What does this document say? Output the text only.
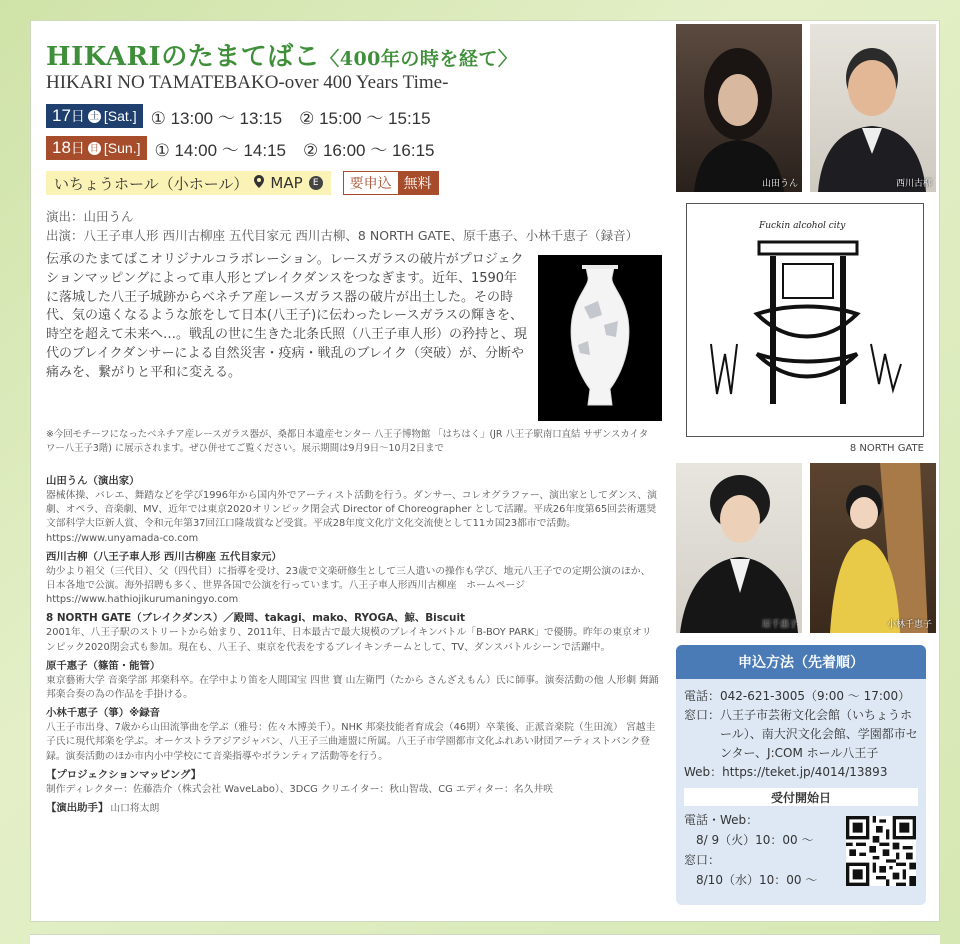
HIKARIのたまてばこ〈400年の時を経て〉
HIKARI NO TAMATEBAKO-over 400 Years Time-
17 日 土 [Sat.] ① 13:00 ～ 13:15　② 15:00 ～ 15:15
18 日 日 [Sun.] ① 14:00 ～ 14:15　② 16:00 ～ 16:15
いちょうホール（小ホール） MAP	E	要申込 無料
演出：山田うん
出演：八王子車人形 西川古柳座 五代目家元 西川古柳、8 NORTH GATE、原千惠子、小林千恵子（録音）
伝承のたまてばこオリジナルコラボレーション。レースガラスの破片がプロジェクションマッピングによって車人形とブレイクダンスをつなぎます。近年、1590年に落城した八王子城跡からベネチア産レースガラス器の破片が出土した。その時代、気の遠くなるような旅をして日本(八王子)に伝わったレースガラスの輝きを、時空を超えて未来へ…。戦乱の世に生きた北条氏照（八王子車人形）の矜持と、現代のブレイクダンサーによる自然災害・疫病・戦乱のブレイク（突破）が、分断や痛みを、繋がりと平和に変える。
※今回モチーフになったベネチア産レースガラス器が、桑都日本遺産センター 八王子博物館 「はちはく」(JR 八王子駅南口直結 サザンスカイタワー八王子3階) に展示されます。ぜひ併せてご覧ください。展示期間は9月9日～10月2日まで
山田うん（演出家）
器械体操、バレエ、舞踏などを学び1996年から国内外でアーティスト活動を行う。ダンサー、コレオグラファー、演出家としてダンス、演劇、オペラ、音楽劇、MV、近年では東京2020オリンピック閉会式 Director of Choreographer として活躍。平成26年度第65回芸術選奨文部科学大臣新人賞、令和元年第37回江口隆哉賞など受賞。平成28年度文化庁文化交流使として11カ国23都市で活動。https://www.unyamada-co.com
西川古柳（八王子車人形 西川古柳座 五代目家元）
幼少より祖父（三代目）、父（四代目）に指導を受け、23歳で文楽研修生として三人遣いの操作も学び、地元八王子での定期公演のほか、日本各地で公演。海外招聘も多く、世界各国で公演を行っています。八王子車人形西川古柳座　ホームページ　https://www.hathiojikurumaningyo.com
8 NORTH GATE（ブレイクダンス）／殿岡、takagi、mako、RYOGA、鯨、Biscuit
2001年、八王子駅のストリートから始まり、2011年、日本最古で最大規模のブレイキンバトル「B-BOY PARK」で優勝。昨年の東京オリンピック2020閉会式も参加。現在も、八王子、東京を代表をするブレイキンチームとして、TV、ダンスバトルシーンで活躍中。
原千惠子（篠笛・能管）
東京藝術大学 音楽学部 邦楽科卒。在学中より笛を人間国宝 四世 寶 山左衛門（たから さんざえもん）氏に師事。演奏活動の他 人形劇 舞踊 邦楽合奏の為の作品を手掛ける。
小林千恵子（箏）※録音
八王子市出身、7歳から山田流箏曲を学ぶ（雅号：佐々木博美千）。NHK 邦楽技能者育成会（46期）卒業後、正派音楽院（生田流） 宮越圭子氏に現代邦楽を学ぶ。オーケストラアジアジャパン、八王子三曲連盟に所属。八王子市学園都市文化ふれあい財団アーティストバンク登録。演奏活動のほか市内小中学校にて音楽指導やボランティア活動等を行う。
【プロジェクションマッピング】
制作ディレクター：佐藤浩介（株式会社 WaveLabo）、3DCG クリエイター：秋山智哉、CG エディター：名久井咲
【演出助手】 山口将太朗
山田うん	西川古柳
Fuckin alcohol city
8 NORTH GATE
原千惠子	小林千恵子
申込方法（先着順）
電話： 042-621-3005（9:00 ～ 17:00）
窓口： 八王子市芸術文化会館（いちょうホール）、南大沢文化会館、学園都市センター、J:COM ホール八王子
Web： https://teket.jp/4014/13893
受付開始日
電話・Web：
8/ 9（火）10：00 ～
窓口：
8/10（水）10：00 ～
